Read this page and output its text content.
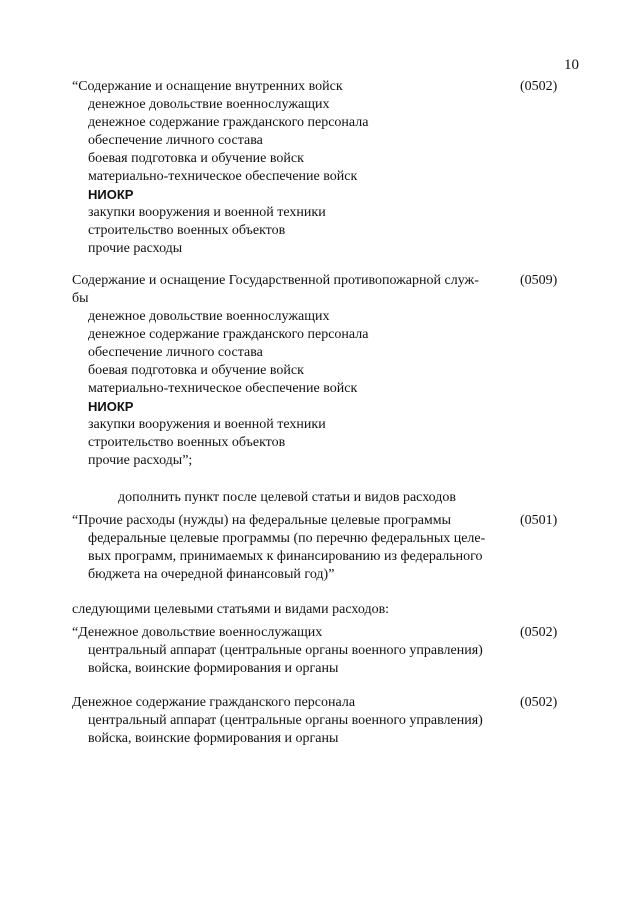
10
“Содержание и оснащение внутренних войск	(0502)
денежное довольствие военнослужащих
денежное содержание гражданского персонала
обеспечение личного состава
боевая подготовка и обучение войск
материально-техническое обеспечение войск
НИОКР
закупки вооружения и военной техники
строительство военных объектов
прочие расходы
Содержание и оснащение Государственной противопожарной служ-	(0509)
бы
денежное довольствие военнослужащих
денежное содержание гражданского персонала
обеспечение личного состава
боевая подготовка и обучение войск
материально-техническое обеспечение войск
НИОКР
закупки вооружения и военной техники
строительство военных объектов
прочие расходы”;
дополнить пункт после целевой статьи и видов расходов
“Прочие расходы (нужды) на федеральные целевые программы	(0501)
федеральные целевые программы (по перечню федеральных целе-
вых программ, принимаемых к финансированию из федерального
бюджета на очередной финансовый год)”
следующими целевыми статьями и видами расходов:
“Денежное довольствие военнослужащих	(0502)
центральный аппарат (центральные органы военного управления)
войска, воинские формирования и органы
Денежное содержание гражданского персонала	(0502)
центральный аппарат (центральные органы военного управления)
войска, воинские формирования и органы
